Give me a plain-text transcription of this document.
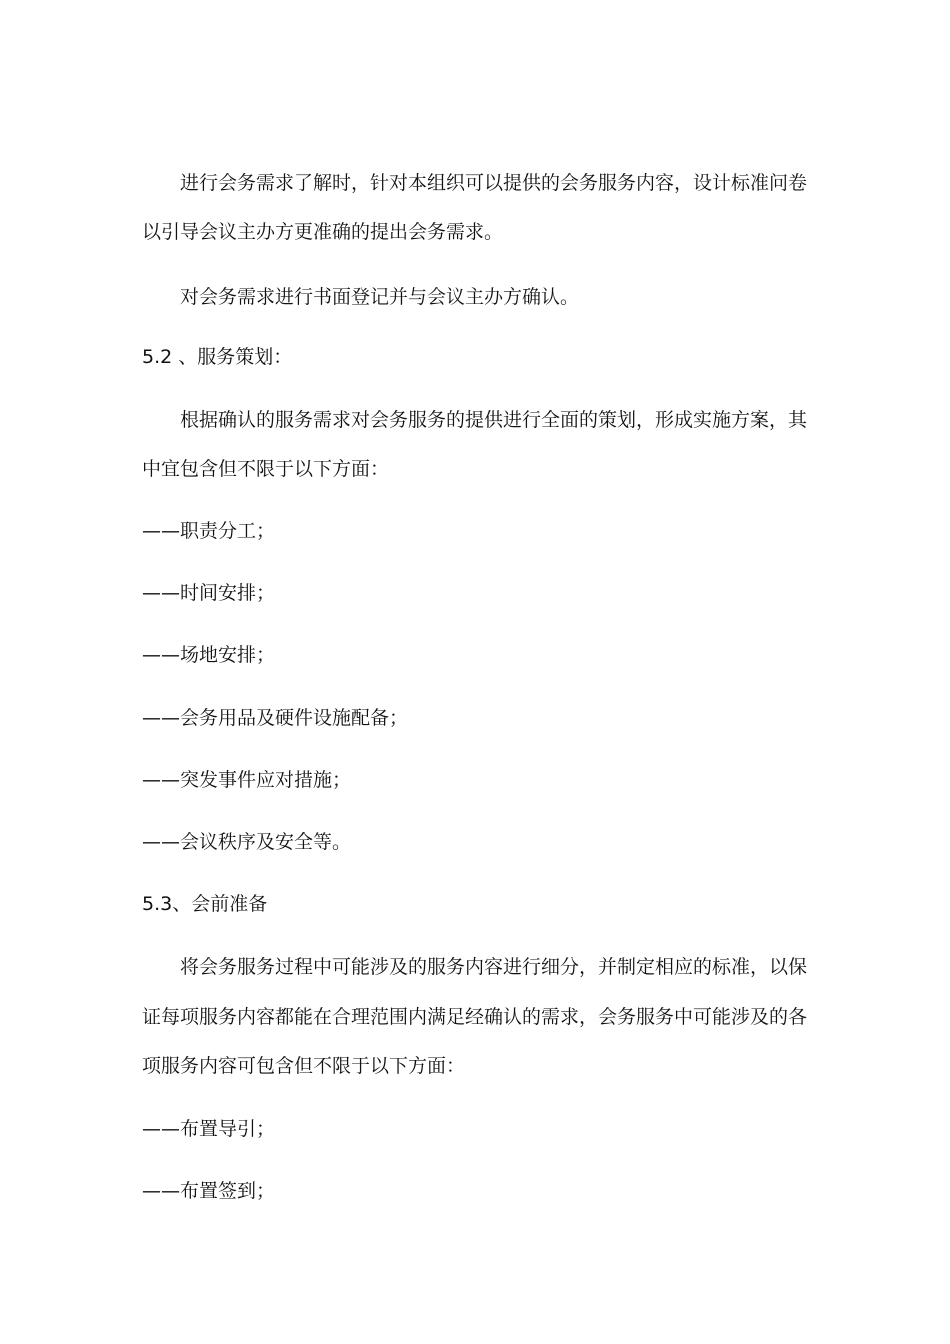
进行会务需求了解时，针对本组织可以提供的会务服务内容，设计标准问卷
以引导会议主办方更准确的提出会务需求。
对会务需求进行书面登记并与会议主办方确认。
5.2 、服务策划：
根据确认的服务需求对会务服务的提供进行全面的策划，形成实施方案，其
中宜包含但不限于以下方面：
——职责分工；
——时间安排；
——场地安排；
——会务用品及硬件设施配备；
——突发事件应对措施；
——会议秩序及安全等。
5.3、会前准备
将会务服务过程中可能涉及的服务内容进行细分，并制定相应的标准，以保
证每项服务内容都能在合理范围内满足经确认的需求，会务服务中可能涉及的各
项服务内容可包含但不限于以下方面：
——布置导引；
——布置签到；
